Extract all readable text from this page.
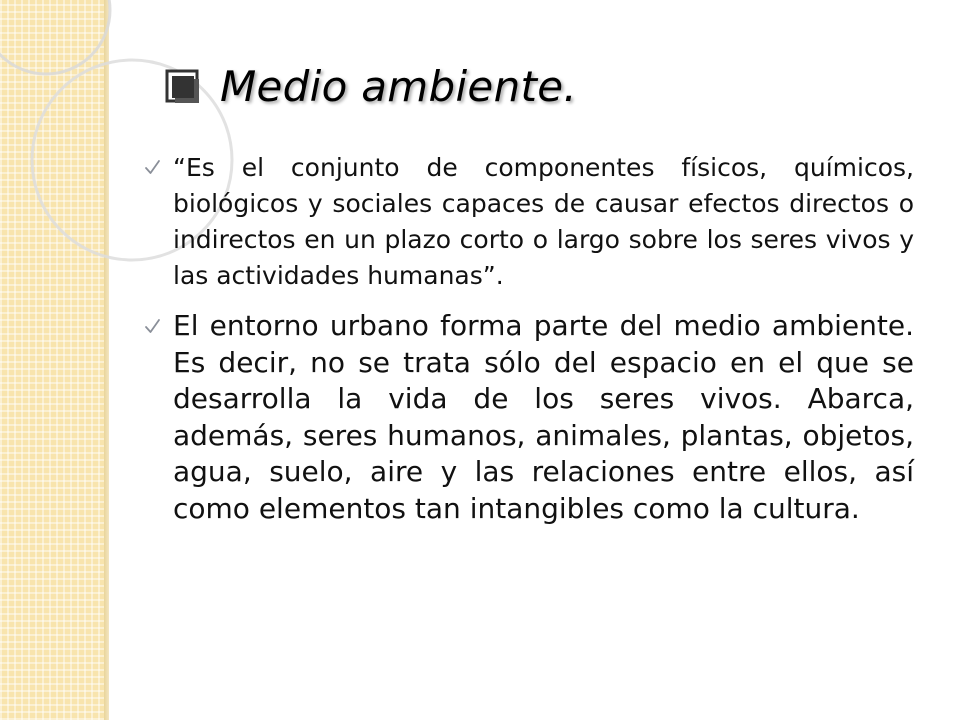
Medio ambiente.
“Es el conjunto de componentes físicos, químicos, biológicos y sociales capaces de causar efectos directos o indirectos en un plazo corto o largo sobre los seres vivos y las actividades humanas”.
El entorno urbano forma parte del medio ambiente. Es decir, no se trata sólo del espacio en el que se desarrolla la vida de los seres vivos. Abarca, además, seres humanos, animales, plantas, objetos, agua, suelo, aire y las relaciones entre ellos, así como elementos tan intangibles como la cultura.
